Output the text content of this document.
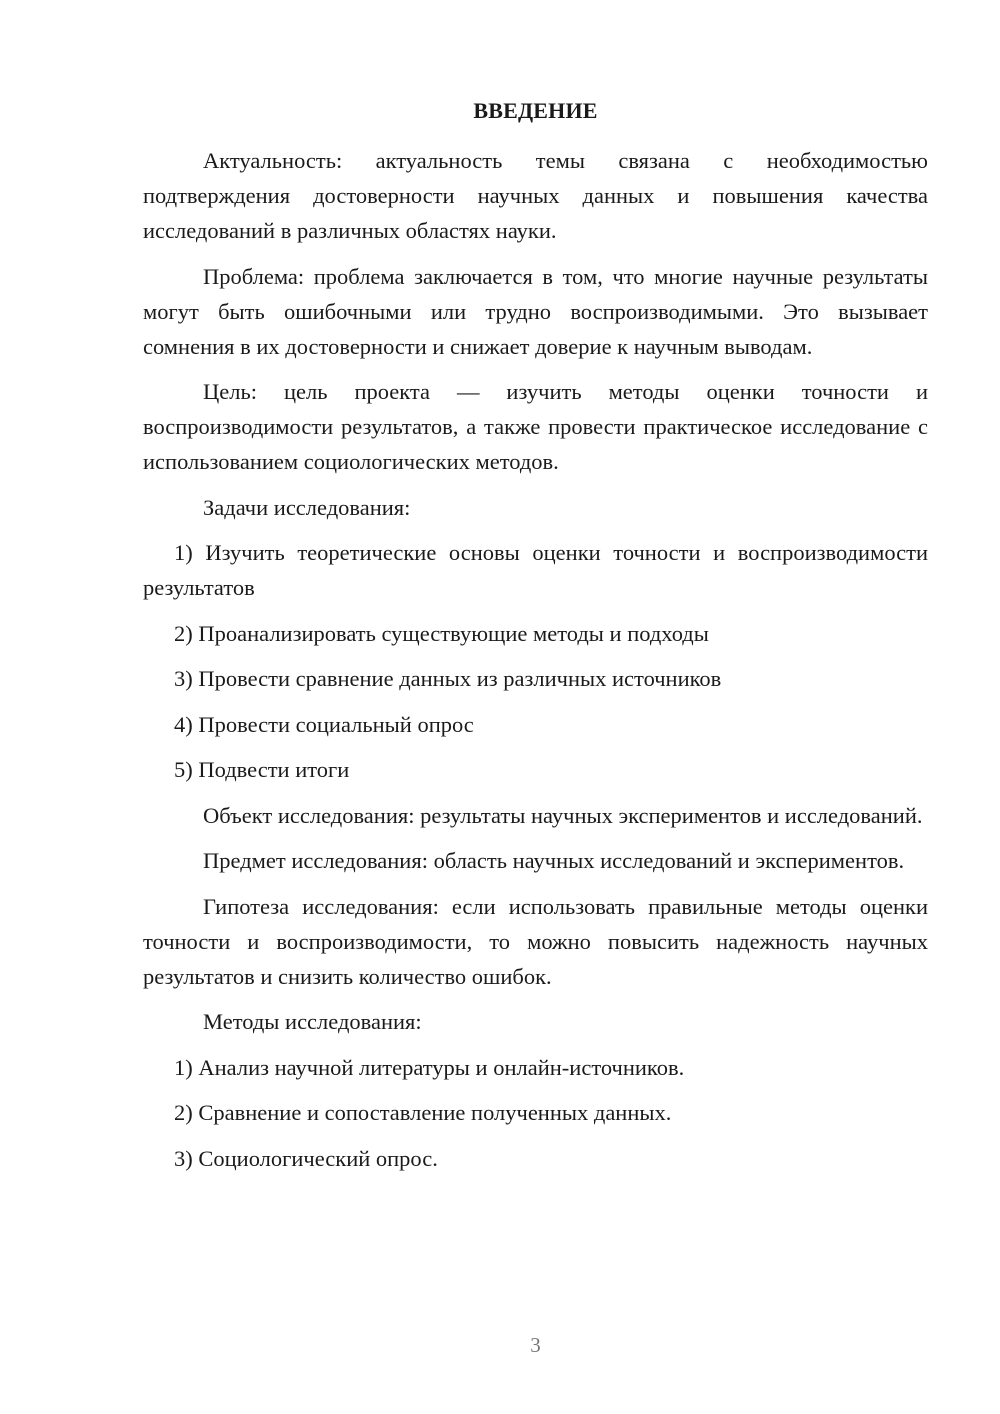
ВВЕДЕНИЕ

Актуальность: актуальность темы связана с необходимостью подтверждения достоверности научных данных и повышения качества исследований в различных областях науки.

Проблема: проблема заключается в том, что многие научные результаты могут быть ошибочными или трудно воспроизводимыми. Это вызывает сомнения в их достоверности и снижает доверие к научным выводам.

Цель: цель проекта — изучить методы оценки точности и воспроизводимости результатов, а также провести практическое исследование с использованием социологических методов.

Задачи исследования:

1) Изучить теоретические основы оценки точности и воспроизводимости результатов

2) Проанализировать существующие методы и подходы

3) Провести сравнение данных из различных источников

4) Провести социальный опрос

5) Подвести итоги

Объект исследования: результаты научных экспериментов и исследований.

Предмет исследования: область научных исследований и экспериментов.

Гипотеза исследования: если использовать правильные методы оценки точности и воспроизводимости, то можно повысить надежность научных результатов и снизить количество ошибок.

Методы исследования:

1) Анализ научной литературы и онлайн-источников.

2) Сравнение и сопоставление полученных данных.

3) Социологический опрос.

3
